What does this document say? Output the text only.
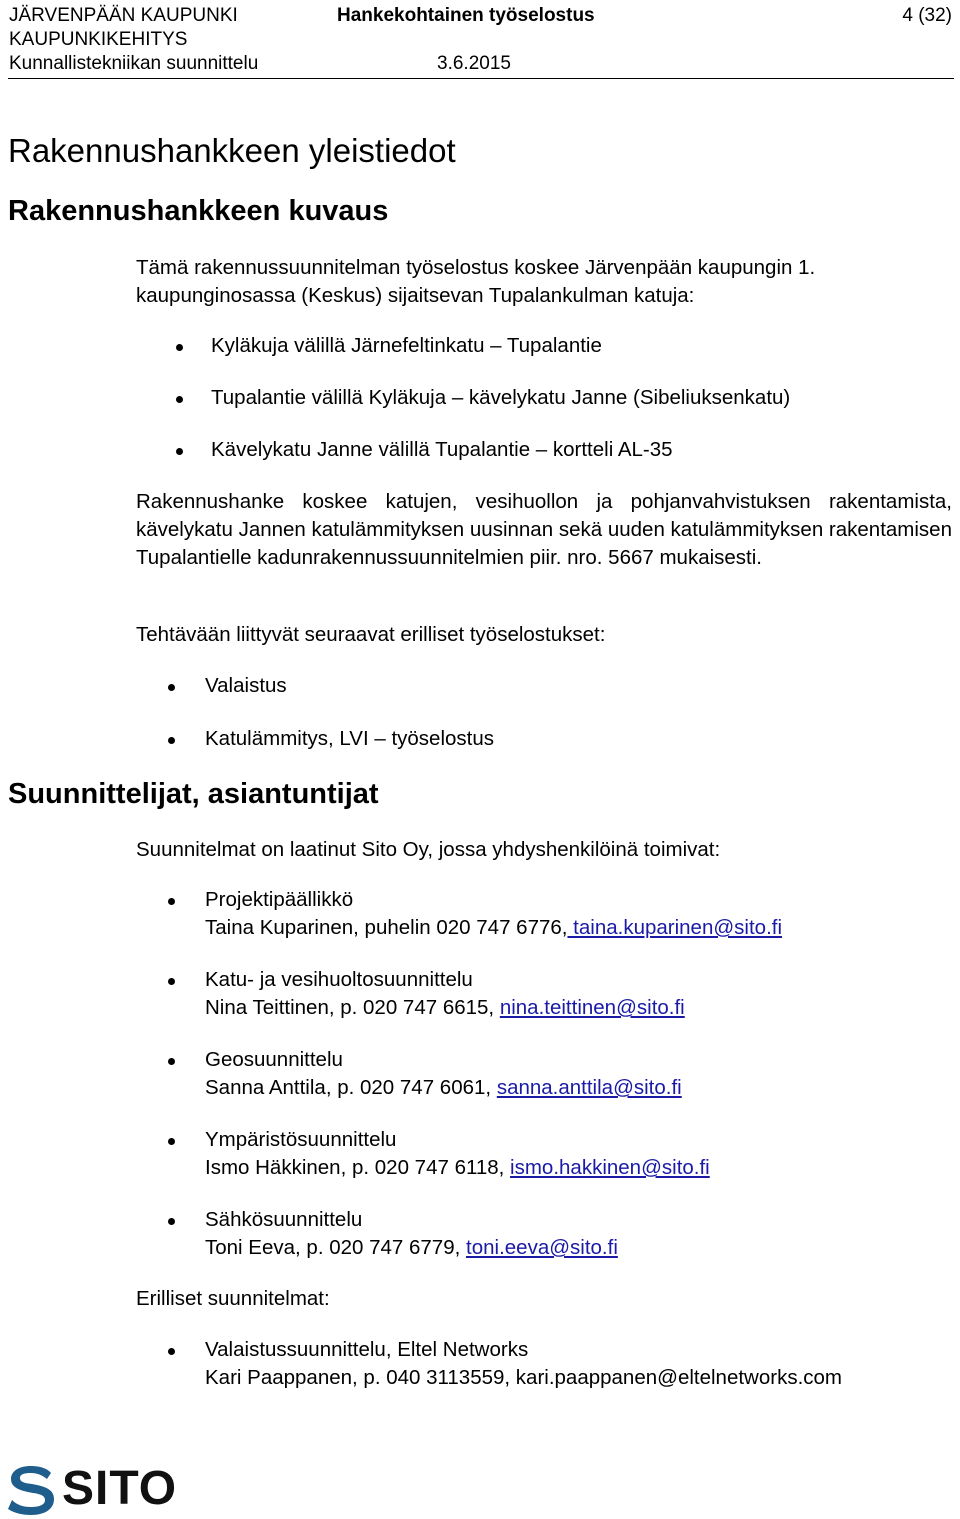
JÄRVENPÄÄN KAUPUNKI
KAUPUNKIKEHITYS
Kunnallistekniikan suunnittelu
Hankekohtainen työselostus
3.6.2015
4 (32)
Rakennushankkeen yleistiedot
Rakennushankkeen kuvaus
Tämä rakennussuunnitelman työselostus koskee Järvenpään kaupungin 1.
kaupunginosassa (Keskus) sijaitsevan Tupalankulman katuja:
Kyläkuja välillä Järnefeltinkatu – Tupalantie
Tupalantie välillä Kyläkuja – kävelykatu Janne (Sibeliuksenkatu)
Kävelykatu Janne välillä Tupalantie – kortteli AL-35
Rakennushanke koskee katujen, vesihuollon ja pohjanvahvistuksen rakentamista, kävelykatu Jannen katulämmityksen uusinnan sekä uuden katulämmityksen rakentamisen Tupalantielle kadunrakennussuunnitelmien piir. nro. 5667 mukaisesti.
Tehtävään liittyvät seuraavat erilliset työselostukset:
Valaistus
Katulämmitys, LVI – työselostus
Suunnittelijat, asiantuntijat
Suunnitelmat on laatinut Sito Oy, jossa yhdyshenkilöinä toimivat:
Projektipäällikkö
Taina Kuparinen, puhelin 020 747 6776, taina.kuparinen@sito.fi
Katu- ja vesihuoltosuunnittelu
Nina Teittinen, p. 020 747 6615, nina.teittinen@sito.fi
Geosuunnittelu
Sanna Anttila, p. 020 747 6061, sanna.anttila@sito.fi
Ympäristösuunnittelu
Ismo Häkkinen, p. 020 747 6118, ismo.hakkinen@sito.fi
Sähkösuunnittelu
Toni Eeva, p. 020 747 6779, toni.eeva@sito.fi
Erilliset suunnitelmat:
Valaistussuunnittelu, Eltel Networks
Kari Paappanen, p. 040 3113559, kari.paappanen@eltelnetworks.com
SITO
